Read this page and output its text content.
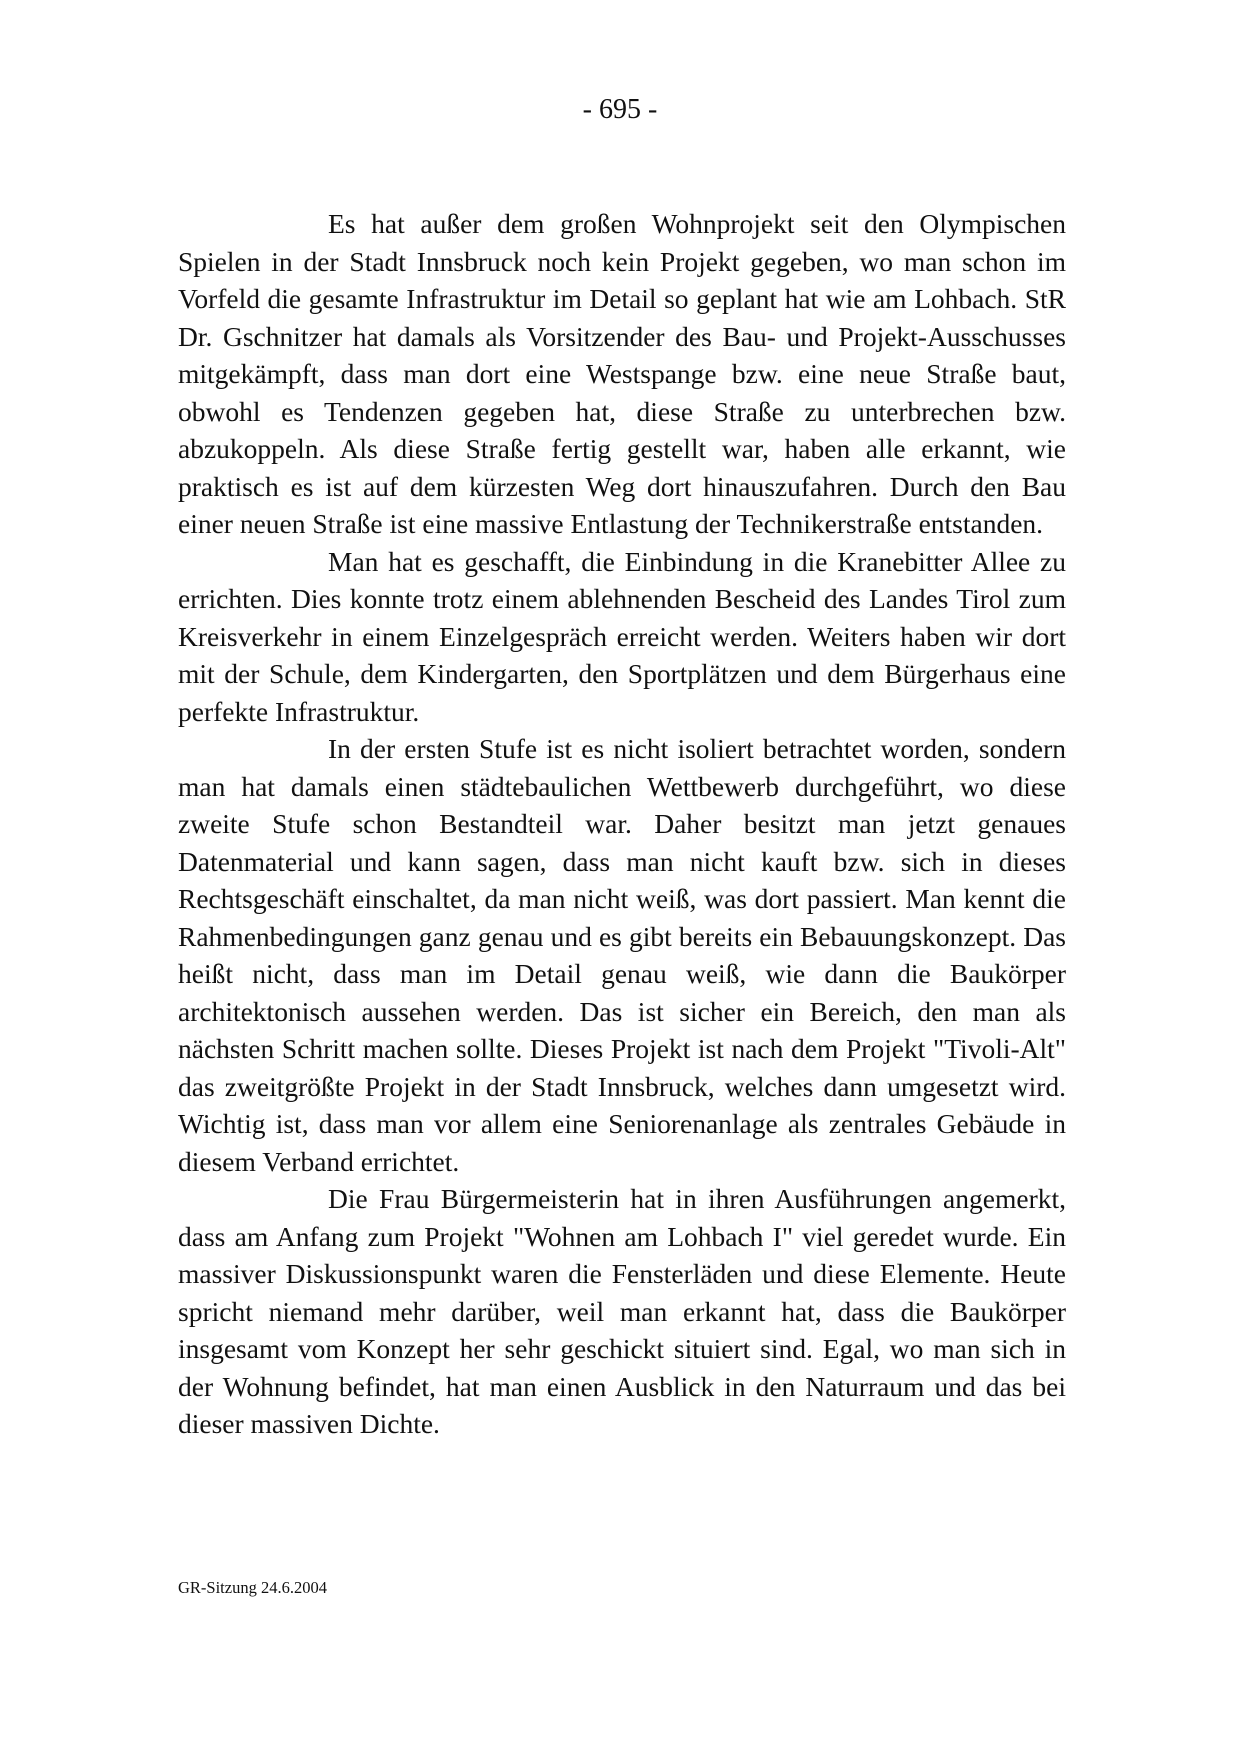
- 695 -

Es hat außer dem großen Wohnprojekt seit den Olympischen Spielen in der Stadt Innsbruck noch kein Projekt gegeben, wo man schon im Vorfeld die gesamte Infrastruktur im Detail so geplant hat wie am Lohbach. StR Dr. Gschnitzer hat damals als Vorsitzender des Bau- und Projekt-Ausschusses mitgekämpft, dass man dort eine Westspange bzw. eine neue Straße baut, obwohl es Tendenzen gegeben hat, diese Straße zu unterbrechen bzw. abzukoppeln. Als diese Straße fertig gestellt war, haben alle erkannt, wie praktisch es ist auf dem kürzesten Weg dort hinauszufahren. Durch den Bau einer neuen Straße ist eine massive Entlastung der Technikerstraße entstanden.

Man hat es geschafft, die Einbindung in die Kranebitter Allee zu errichten. Dies konnte trotz einem ablehnenden Bescheid des Landes Tirol zum Kreisverkehr in einem Einzelgespräch erreicht werden. Weiters haben wir dort mit der Schule, dem Kindergarten, den Sportplätzen und dem Bürgerhaus eine perfekte Infrastruktur.

In der ersten Stufe ist es nicht isoliert betrachtet worden, sondern man hat damals einen städtebaulichen Wettbewerb durchgeführt, wo diese zweite Stufe schon Bestandteil war. Daher besitzt man jetzt genaues Datenmaterial und kann sagen, dass man nicht kauft bzw. sich in dieses Rechtsgeschäft einschaltet, da man nicht weiß, was dort passiert. Man kennt die Rahmenbedingungen ganz genau und es gibt bereits ein Bebauungskonzept. Das heißt nicht, dass man im Detail genau weiß, wie dann die Baukörper architektonisch aussehen werden. Das ist sicher ein Bereich, den man als nächsten Schritt machen sollte. Dieses Projekt ist nach dem Projekt "Tivoli-Alt" das zweitgrößte Projekt in der Stadt Innsbruck, welches dann umgesetzt wird. Wichtig ist, dass man vor allem eine Seniorenanlage als zentrales Gebäude in diesem Verband errichtet.

Die Frau Bürgermeisterin hat in ihren Ausführungen angemerkt, dass am Anfang zum Projekt "Wohnen am Lohbach I" viel geredet wurde. Ein massiver Diskussionspunkt waren die Fensterläden und diese Elemente. Heute spricht niemand mehr darüber, weil man erkannt hat, dass die Baukörper insgesamt vom Konzept her sehr geschickt situiert sind. Egal, wo man sich in der Wohnung befindet, hat man einen Ausblick in den Naturraum und das bei dieser massiven Dichte.

GR-Sitzung 24.6.2004
